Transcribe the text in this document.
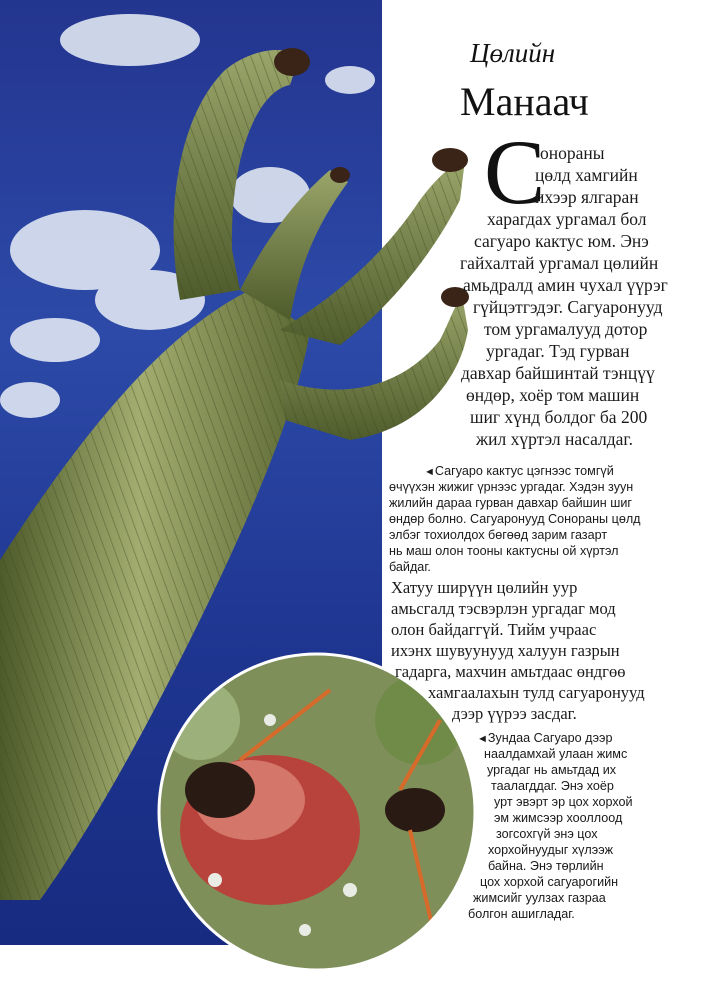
Цөлийн
Манаач
С
онораны
цөлд хамгийн
ихээр ялгаран
харагдах ургамал бол
сагуаро кактус юм. Энэ
гайхалтай ургамал цөлийн
амьдралд амин чухал үүрэг
гүйцэтгэдэг. Сагуаронууд
том ургамалууд дотор
ургадаг. Тэд гурван
давхар байшинтай тэнцүү
өндөр, хоёр том машин
шиг хүнд болдог ба 200
жил хүртэл насалдаг.
◄Сагуаро кактус цэгнээс томгүй
өчүүхэн жижиг үрнээс ургадаг. Хэдэн зуун
жилийн дараа гурван давхар байшин шиг
өндөр болно. Сагуаронууд Сонораны цөлд
элбэг тохиолдох бөгөөд зарим газарт
нь маш олон тооны кактусны ой хүртэл
байдаг.
Хатуу ширүүн цөлийн уур
амьсгалд тэсвэрлэн ургадаг мод
олон байдаггүй. Тийм учраас
ихэнх шувуунууд халуун газрын
гадарга, махчин амьтдаас өндгөө
хамгаалахын тулд сагуаронууд
дээр үүрээ засдаг.
◄Зундаа Сагуаро дээр
наалдамхай улаан жимс
ургадаг нь амьтдад их
таалагддаг. Энэ хоёр
урт эвэрт эр цох хорхой
эм жимсээр хооллоод
зогсохгүй энэ цох
хорхойнуудыг хүлээж
байна. Энэ төрлийн
цох хорхой сагуарогийн
жимсийг уулзах газраа
болгон ашигладаг.
